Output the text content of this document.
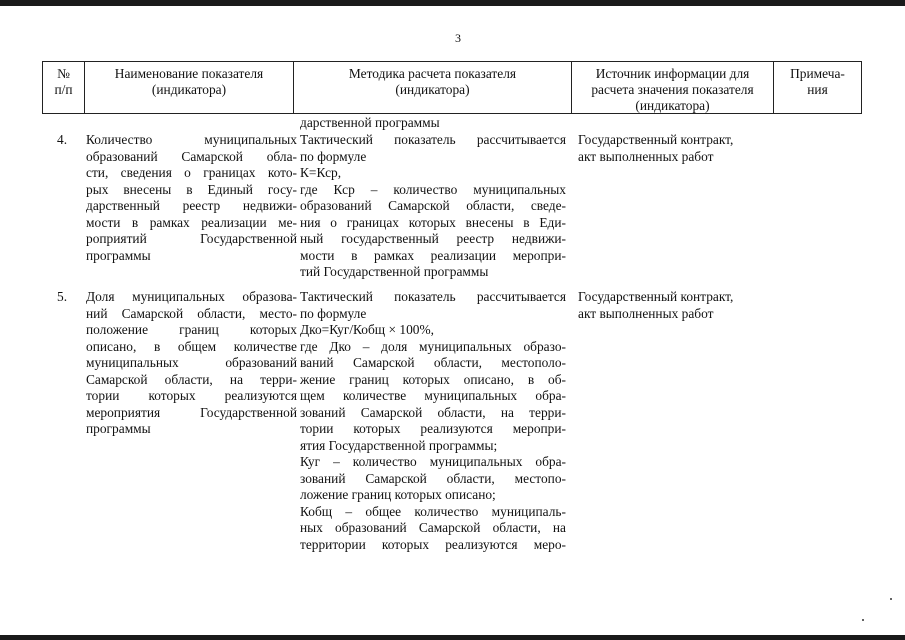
3
№
п/п
Наименование показателя
(индикатора)
Методика расчета показателя
(индикатора)
Источник информации для
расчета значения показателя
(индикатора)
Примеча-
ния
дарственной программы
4. Количество муниципальных
образований Самарской обла-
сти, сведения о границах кото-
рых внесены в Единый госу-
дарственный реестр недвижи-
мости в рамках реализации ме-
роприятий Государственной
программы
Тактический показатель рассчитывается
по формуле
К=Кср,
где Кср – количество муниципальных
образований Самарской области, сведе-
ния о границах которых внесены в Еди-
ный государственный реестр недвижи-
мости в рамках реализации меропри-
тий Государственной программы
Государственный контракт,
акт выполненных работ
5. Доля муниципальных образова-
ний Самарской области, место-
положение границ которых
описано, в общем количестве
муниципальных образований
Самарской области, на терри-
тории которых реализуются
мероприятия Государственной
программы
Тактический показатель рассчитывается
по формуле
Дко=Куг/Кобщ × 100%,
где Дко – доля муниципальных образо-
ваний Самарской области, местополо-
жение границ которых описано, в об-
щем количестве муниципальных обра-
зований Самарской области, на терри-
тории которых реализуются меропри-
ятия Государственной программы;
Куг – количество муниципальных обра-
зований Самарской области, местопо-
ложение границ которых описано;
Кобщ – общее количество муниципаль-
ных образований Самарской области, на
территории которых реализуются меро-
Государственный контракт,
акт выполненных работ
